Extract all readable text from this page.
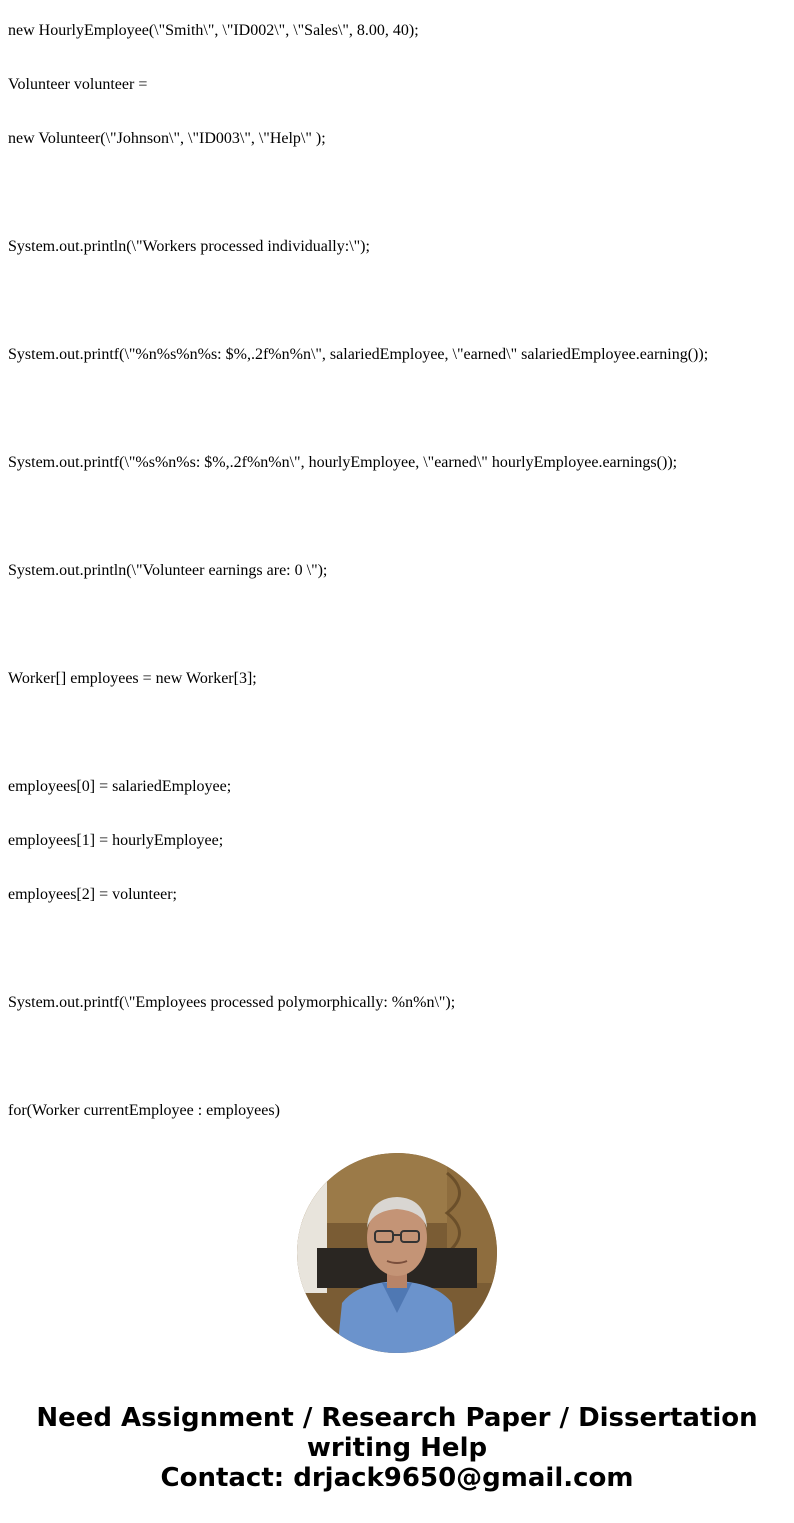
new HourlyEmployee(\"Smith\", \"ID002\", \"Sales\", 8.00, 40);

Volunteer volunteer =

new Volunteer(\"Johnson\", \"ID003\", \"Help\" );

System.out.println(\"Workers processed individually:\");

System.out.printf(\"%n%s%n%s: $%,.2f%n%n\", salariedEmployee, \"earned\" salariedEmployee.earning());

System.out.printf(\"%s%n%s: $%,.2f%n%n\", hourlyEmployee, \"earned\" hourlyEmployee.earnings());

System.out.println(\"Volunteer earnings are: 0 \");

Worker[] employees = new Worker[3];

employees[0] = salariedEmployee;

employees[1] = hourlyEmployee;

employees[2] = volunteer;

System.out.printf(\"Employees processed polymorphically: %n%n\");

for(Worker currentEmployee : employees)

Need Assignment / Research Paper / Dissertation
writing Help
Contact: drjack9650@gmail.com
